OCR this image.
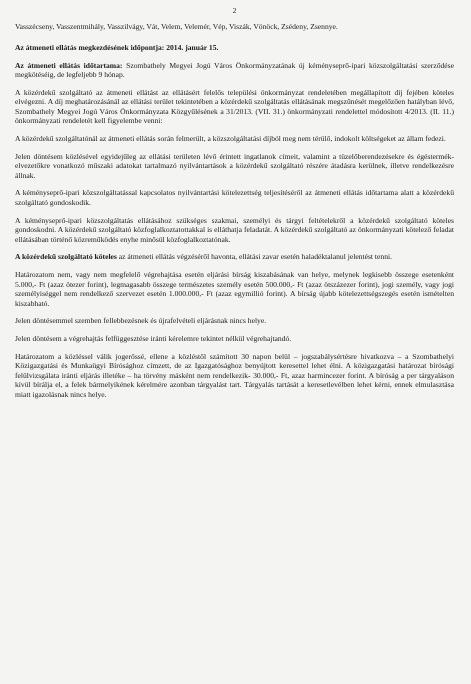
2

Vasszécseny, Vasszentmihály, Vasszilvágy, Vát, Velem, Velemér, Vép, Viszák, Vönöck, Zsédeny, Zsennye.

Az átmeneti ellátás megkezdésének időpontja: 2014. január 15.

Az átmeneti ellátás időtartama: Szombathely Megyei Jogú Város Önkormányzatának új kéményseprő-ipari közszolgáltatási szerződése megkötéséig, de legfeljebb 9 hónap.

A közérdekű szolgáltató az átmeneti ellátást az ellátásért felelős települési önkormányzat rendeletében megállapított díj fejében köteles elvégezni. A díj meghatározásánál az ellátási terület tekintetében a közérdekű szolgáltatás ellátásának megszűnését megelőzően hatályban lévő, Szombathely Megyei Jogú Város Önkormányzata Közgyűlésének a 31/2013. (VII. 31.) önkormányzati rendelettel módosított 4/2013. (II. 11.) önkormányzati rendeletét kell figyelembe venni:

A közérdekű szolgáltatónál az átmeneti ellátás során felmerült, a közszolgáltatási díjból meg nem térülő, indokolt költségeket az állam fedezi.

Jelen döntésem közlésével egyidejűleg az ellátási területen lévő érintett ingatlanok címeit, valamint a tüzelőberendezésekre és égéstermék-elvezetőkre vonatkozó műszaki adatokat tartalmazó nyilvántartások a közérdekű szolgáltató részére átadásra kerülnek, illetve rendelkezésre állnak.

A kéményseprő-ipari közszolgáltatással kapcsolatos nyilvántartási kötelezettség teljesítéséről az átmeneti ellátás időtartama alatt a közérdekű szolgáltató gondoskodik.

A kéményseprő-ipari közszolgáltatás ellátásához szükséges szakmai, személyi és tárgyi feltételekről a közérdekű szolgáltató köteles gondoskodni. A közérdekű szolgáltató közfoglalkoztatottakkal is elláthatja feladatát. A közérdekű szolgáltató az önkormányzati kötelező feladat ellátásában történő közreműködés enyhe minősül közfoglalkoztatónak.

A közérdekű szolgáltató köteles az átmeneti ellátás végzéséről havonta, ellátási zavar esetén haladéktalanul jelentést tenni.

Határozatom nem, vagy nem megfelelő végrehajtása esetén eljárási bírság kiszabásának van helye, melynek legkisebb összege esetenként 5.000,- Ft (azaz ötezer forint), legmagasabb összege természetes személy esetén 500.000,- Ft (azaz ötszázezer forint), jogi személy, vagy jogi személyiséggel nem rendelkező szervezet esetén 1.000.000,- Ft (azaz egymillió forint). A bírság újabb kötelezettségszegés esetén ismételten kiszabható.

Jelen döntésemmel szemben fellebbezésnek és újrafelvételi eljárásnak nincs helye.

Jelen döntésem a végrehajtás felfüggesztése iránti kérelemre tekintet nélkül végrehajtandó.

Határozatom a közléssel válik jogerőssé, ellene a közléstől számított 30 napon belül – jogszabálysértésre hivatkozva – a Szombathelyi Közigazgatási és Munkaügyi Bírósághoz címzett, de az Igazgatósághoz benyújtott keresettel lehet élni. A közigazgatási határozat bírósági felülvizsgálata iránti eljárás illetéke – ha törvény másként nem rendelkezik- 30.000,- Ft, azaz harmincezer forint. A bíróság a per tárgyaláson kívül bírálja el, a felek bármelyikének kérelmére azonban tárgyalást tart. Tárgyalás tartását a keresetlevélben lehet kérni, ennek elmulasztása miatt igazolásnak nincs helye.
